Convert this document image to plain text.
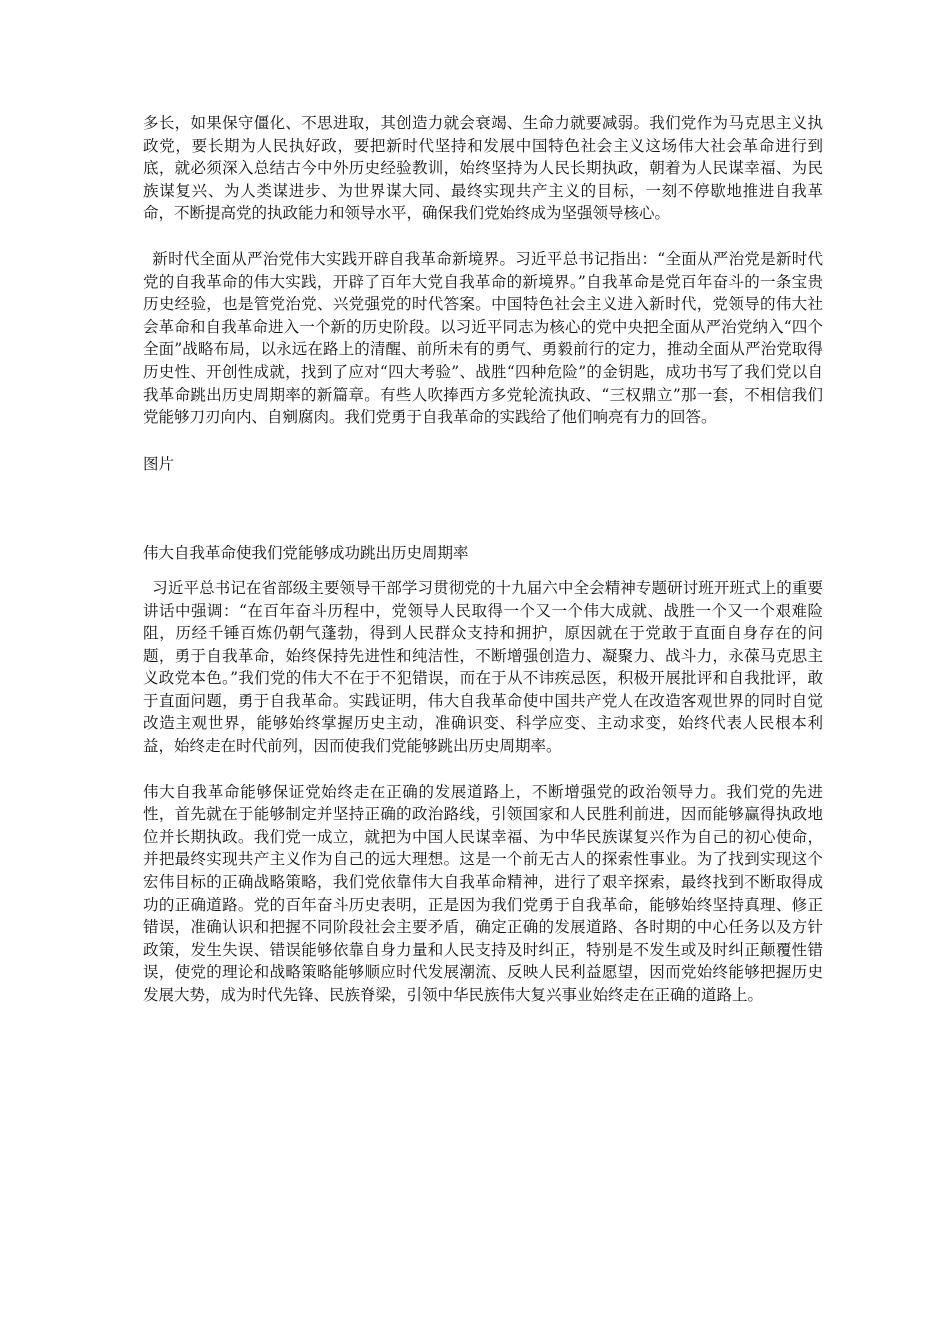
多长，如果保守僵化、不思进取，其创造力就会衰竭、生命力就要减弱。我们党作为马克思主义执政党，要长期为人民执好政，要把新时代坚持和发展中国特色社会主义这场伟大社会革命进行到底，就必须深入总结古今中外历史经验教训，始终坚持为人民长期执政，朝着为人民谋幸福、为民族谋复兴、为人类谋进步、为世界谋大同、最终实现共产主义的目标，一刻不停歇地推进自我革命，不断提高党的执政能力和领导水平，确保我们党始终成为坚强领导核心。

新时代全面从严治党伟大实践开辟自我革命新境界。习近平总书记指出：“全面从严治党是新时代党的自我革命的伟大实践，开辟了百年大党自我革命的新境界。”自我革命是党百年奋斗的一条宝贵历史经验，也是管党治党、兴党强党的时代答案。中国特色社会主义进入新时代，党领导的伟大社会革命和自我革命进入一个新的历史阶段。以习近平同志为核心的党中央把全面从严治党纳入“四个全面”战略布局，以永远在路上的清醒、前所未有的勇气、勇毅前行的定力，推动全面从严治党取得历史性、开创性成就，找到了应对“四大考验”、战胜“四种危险”的金钥匙，成功书写了我们党以自我革命跳出历史周期率的新篇章。有些人吹捧西方多党轮流执政、“三权鼎立”那一套，不相信我们党能够刀刃向内、自剜腐肉。我们党勇于自我革命的实践给了他们响亮有力的回答。

图片

伟大自我革命使我们党能够成功跳出历史周期率

习近平总书记在省部级主要领导干部学习贯彻党的十九届六中全会精神专题研讨班开班式上的重要讲话中强调：“在百年奋斗历程中，党领导人民取得一个又一个伟大成就、战胜一个又一个艰难险阻，历经千锤百炼仍朝气蓬勃，得到人民群众支持和拥护，原因就在于党敢于直面自身存在的问题，勇于自我革命，始终保持先进性和纯洁性，不断增强创造力、凝聚力、战斗力，永葆马克思主义政党本色。”我们党的伟大不在于不犯错误，而在于从不讳疾忌医，积极开展批评和自我批评，敢于直面问题，勇于自我革命。实践证明，伟大自我革命使中国共产党人在改造客观世界的同时自觉改造主观世界，能够始终掌握历史主动，准确识变、科学应变、主动求变，始终代表人民根本利益，始终走在时代前列，因而使我们党能够跳出历史周期率。

伟大自我革命能够保证党始终走在正确的发展道路上，不断增强党的政治领导力。我们党的先进性，首先就在于能够制定并坚持正确的政治路线，引领国家和人民胜利前进，因而能够赢得执政地位并长期执政。我们党一成立，就把为中国人民谋幸福、为中华民族谋复兴作为自己的初心使命，并把最终实现共产主义作为自己的远大理想。这是一个前无古人的探索性事业。为了找到实现这个宏伟目标的正确战略策略，我们党依靠伟大自我革命精神，进行了艰辛探索，最终找到不断取得成功的正确道路。党的百年奋斗历史表明，正是因为我们党勇于自我革命，能够始终坚持真理、修正错误，准确认识和把握不同阶段社会主要矛盾，确定正确的发展道路、各时期的中心任务以及方针政策，发生失误、错误能够依靠自身力量和人民支持及时纠正，特别是不发生或及时纠正颠覆性错误，使党的理论和战略策略能够顺应时代发展潮流、反映人民利益愿望，因而党始终能够把握历史发展大势，成为时代先锋、民族脊梁，引领中华民族伟大复兴事业始终走在正确的道路上。
